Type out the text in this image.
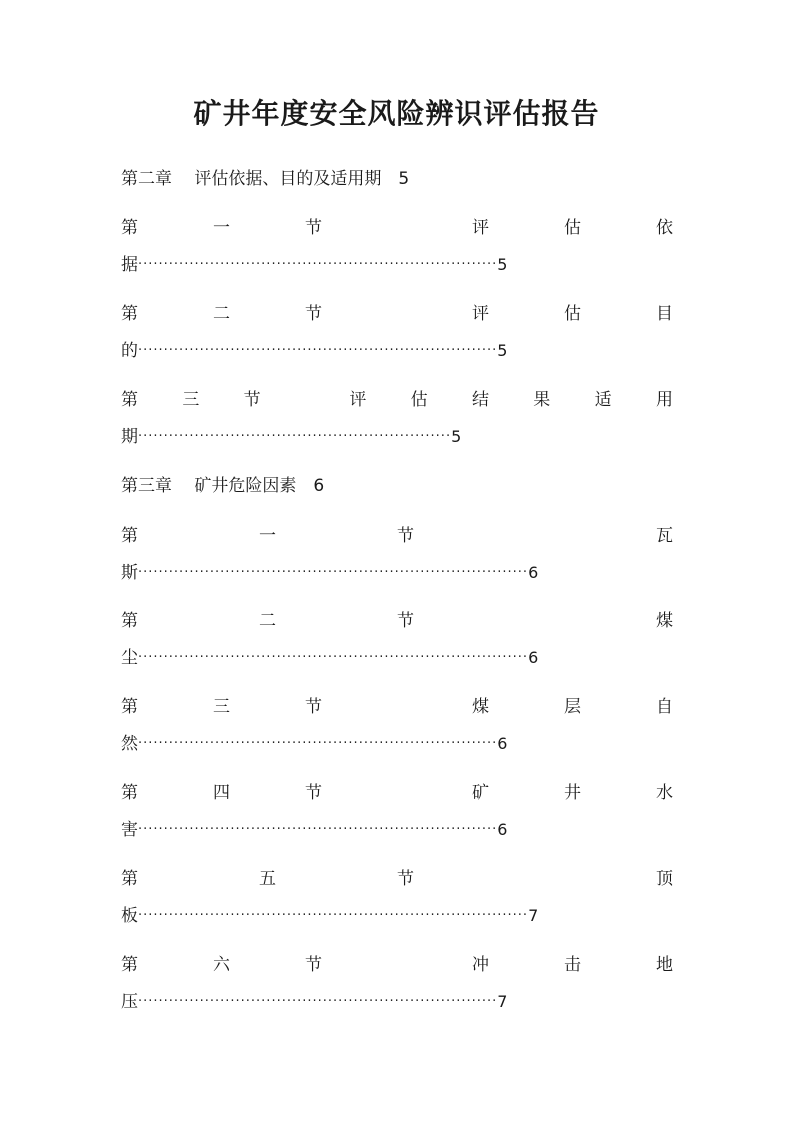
矿井年度安全风险辨识评估报告
第二章　 评估依据、目的及适用期　5
第	一	节	评	估	依
据 ······································································ 5
第	二	节	评	估	目
的 ······································································ 5
第	三	节	评	估	结	果	适	用
期 ····························································· 5
第三章　 矿井危险因素　6
第	一	节	瓦
斯 ············································································ 6
第	二	节	煤
尘 ············································································ 6
第	三	节	煤	层	自
然 ······································································ 6
第	四	节	矿	井	水
害 ······································································ 6
第	五	节	顶
板 ············································································ 7
第	六	节	冲	击	地
压 ······································································ 7
